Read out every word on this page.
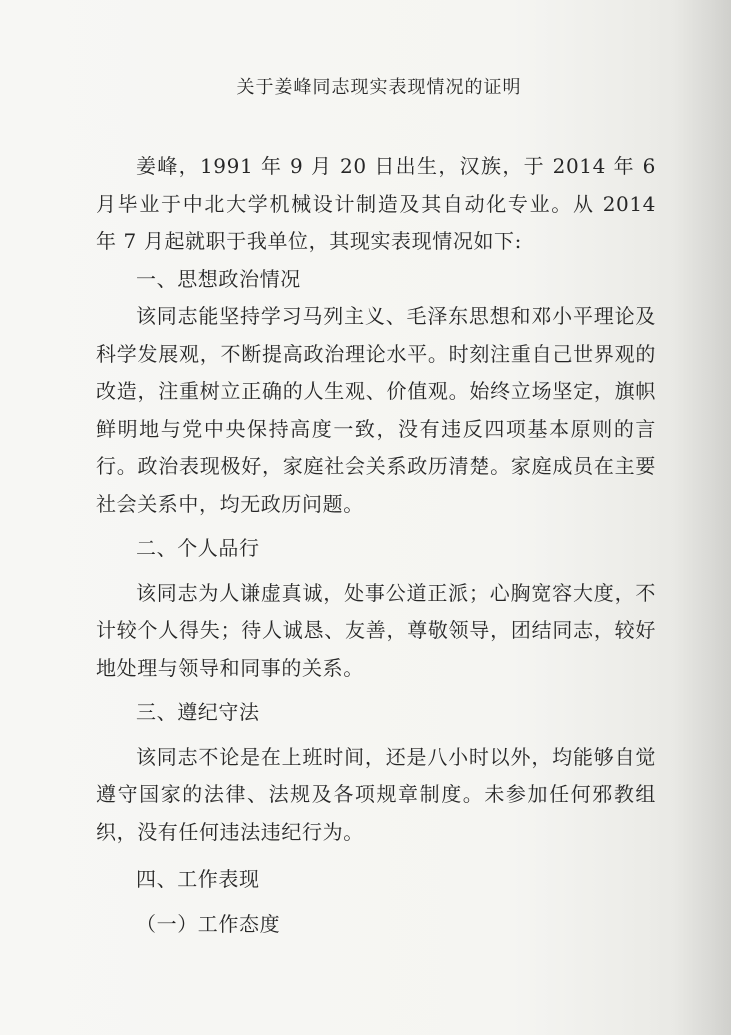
关于姜峰同志现实表现情况的证明

姜峰，1991 年 9 月 20 日出生，汉族，于 2014 年 6 月毕业于中北大学机械设计制造及其自动化专业。从 2014 年 7 月起就职于我单位，其现实表现情况如下:

一、思想政治情况

该同志能坚持学习马列主义、毛泽东思想和邓小平理论及科学发展观，不断提高政治理论水平。时刻注重自己世界观的改造，注重树立正确的人生观、价值观。始终立场坚定，旗帜鲜明地与党中央保持高度一致，没有违反四项基本原则的言行。政治表现极好，家庭社会关系政历清楚。家庭成员在主要社会关系中，均无政历问题。

二、个人品行

该同志为人谦虚真诚，处事公道正派；心胸宽容大度，不计较个人得失；待人诚恳、友善，尊敬领导，团结同志，较好地处理与领导和同事的关系。

三、遵纪守法

该同志不论是在上班时间，还是八小时以外，均能够自觉遵守国家的法律、法规及各项规章制度。未参加任何邪教组织，没有任何违法违纪行为。

四、工作表现

（一）工作态度
